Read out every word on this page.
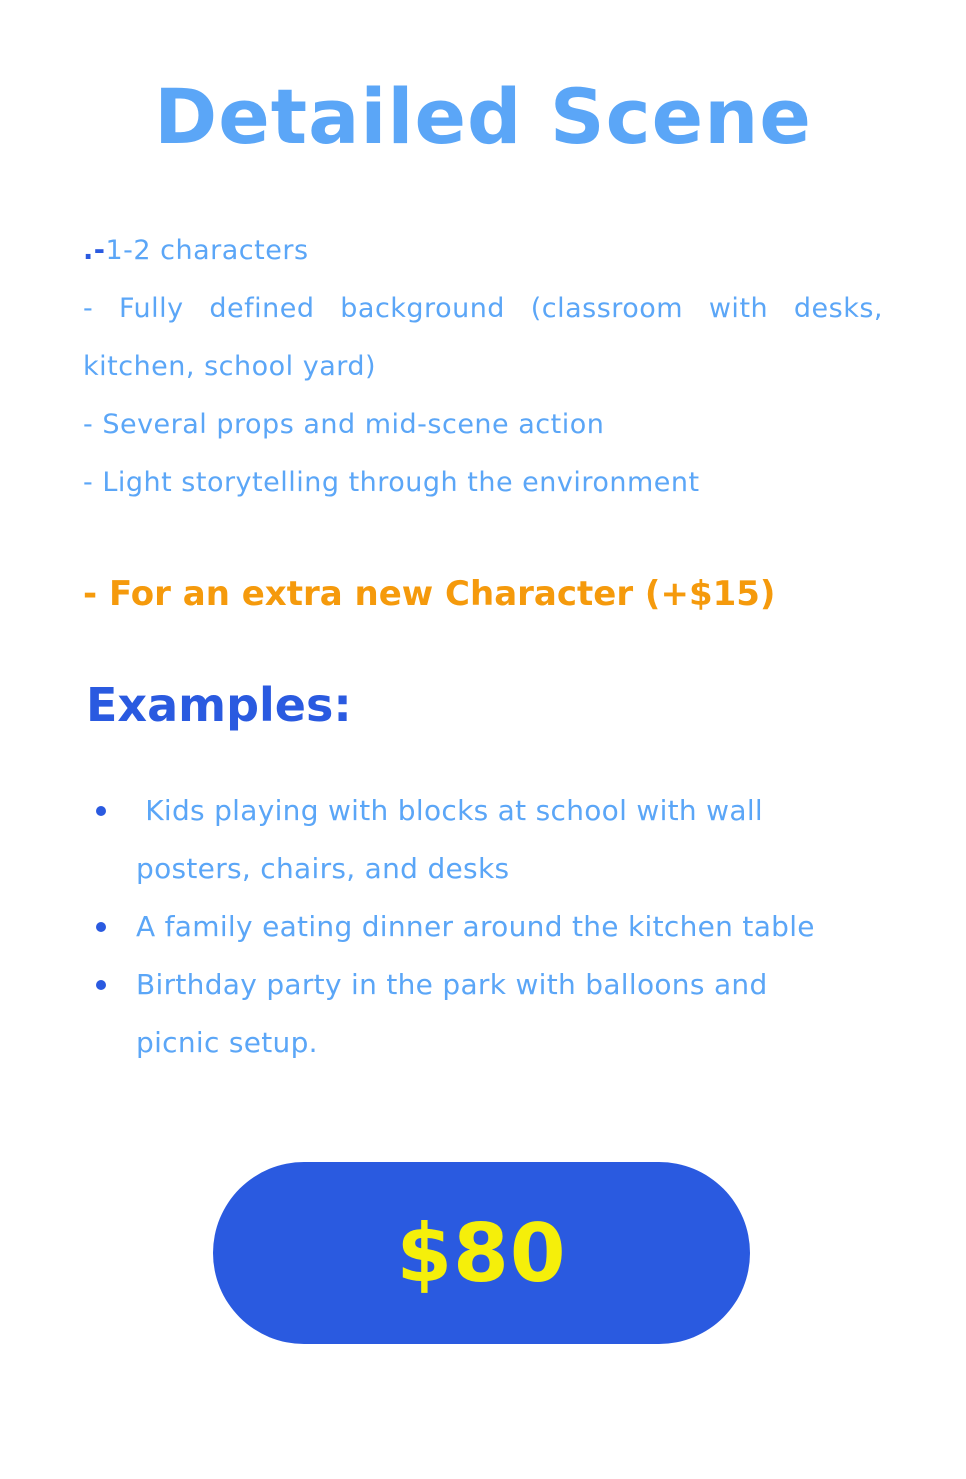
Detailed Scene
.-1-2 characters
- Fully defined background (classroom with desks,
kitchen, school yard)
- Several props and mid-scene action
- Light storytelling through the environment

- For an extra new Character (+$15)

Examples:
Kids playing with blocks at school with wall posters, chairs, and desks
A family eating dinner around the kitchen table
Birthday party in the park with balloons and picnic setup.
$80
